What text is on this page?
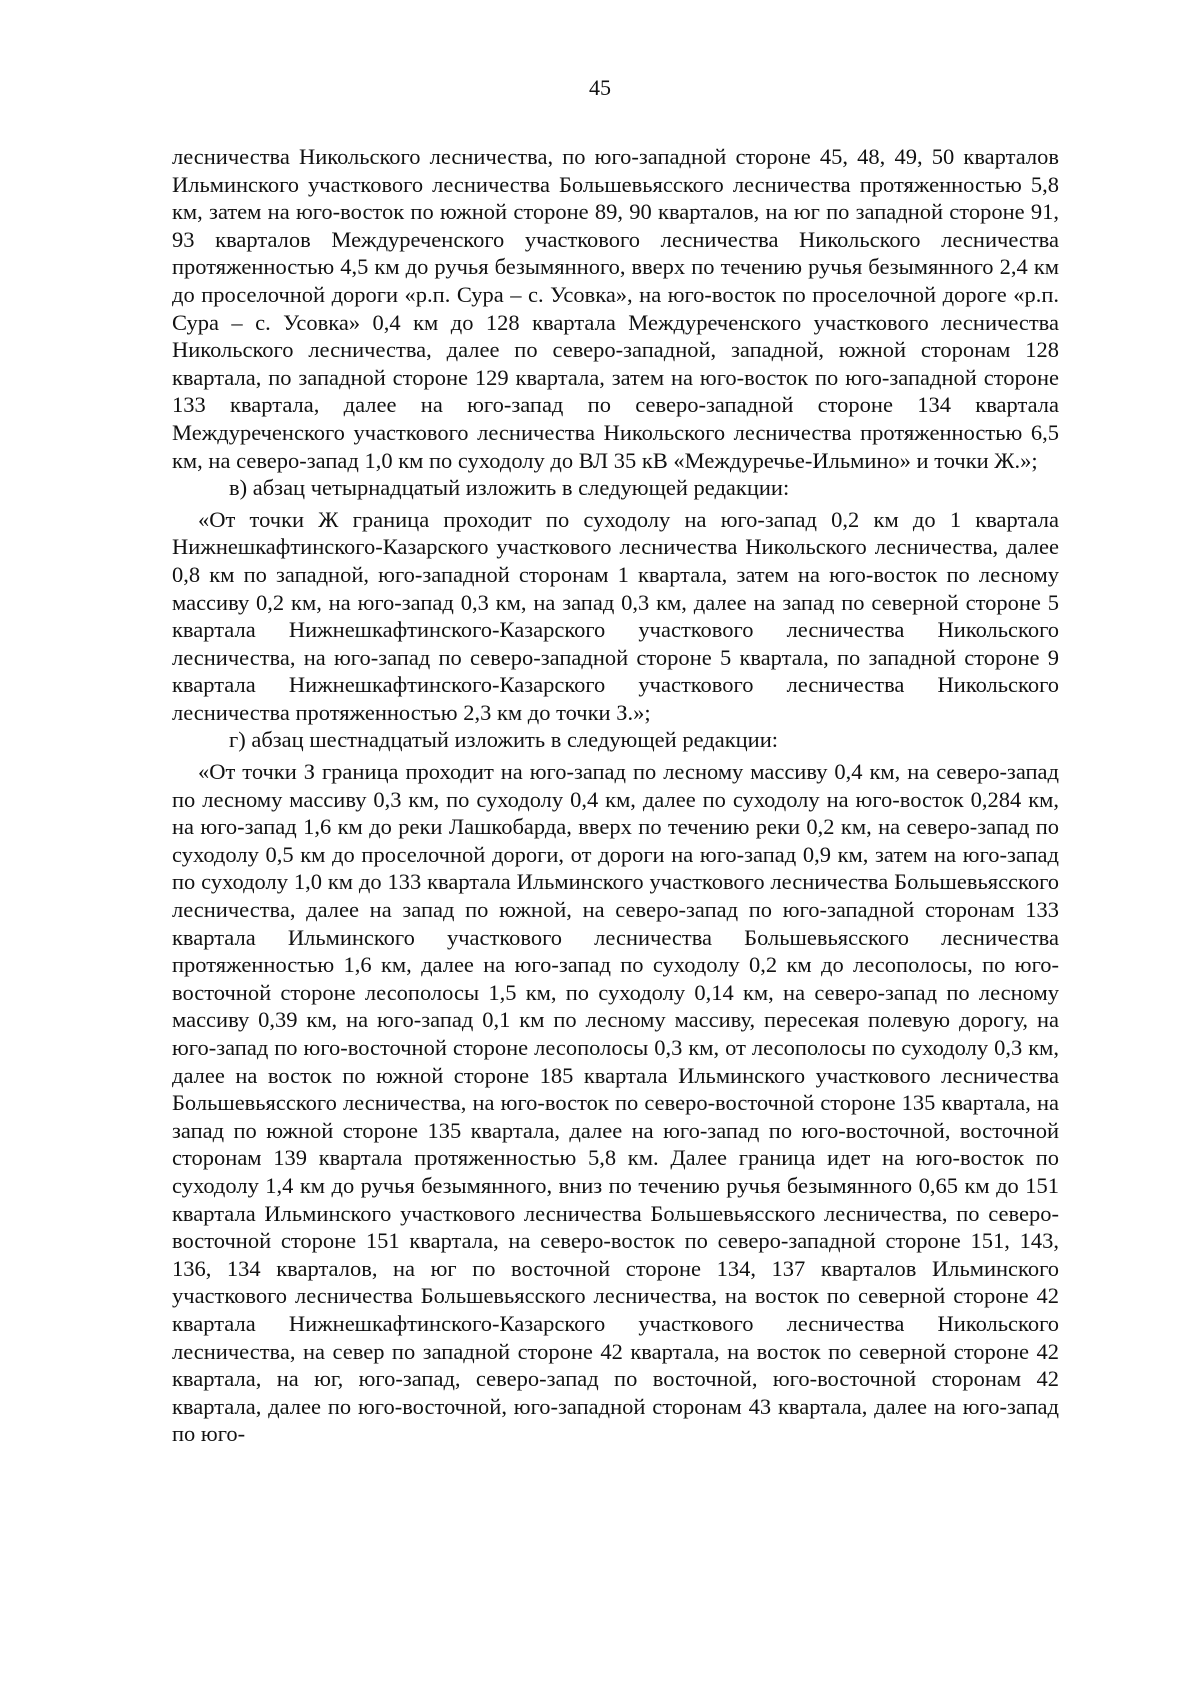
45

лесничества Никольского лесничества, по юго-западной стороне 45, 48, 49, 50 кварталов Ильминского участкового лесничества Большевьясского лесничества протяженностью 5,8 км, затем на юго-восток по южной стороне 89, 90 кварталов, на юг по западной стороне 91, 93 кварталов Междуреченского участкового лесничества Никольского лесничества протяженностью 4,5 км до ручья безымянного, вверх по течению ручья безымянного 2,4 км до проселочной дороги «р.п. Сура – с. Усовка», на юго-восток по проселочной дороге «р.п. Сура – с. Усовка» 0,4 км до 128 квартала Междуреченского участкового лесничества Никольского лесничества, далее по северо-западной, западной, южной сторонам 128 квартала, по западной стороне 129 квартала, затем на юго-восток по юго-западной стороне 133 квартала, далее на юго-запад по северо-западной стороне 134 квартала Междуреченского участкового лесничества Никольского лесничества протяженностью 6,5 км, на северо-запад 1,0 км по суходолу до ВЛ 35 кВ «Междуречье-Ильмино» и точки Ж.»;

в) абзац четырнадцатый изложить в следующей редакции:

«От точки Ж граница проходит по суходолу на юго-запад 0,2 км до 1 квартала Нижнешкафтинского-Казарского участкового лесничества Никольского лесничества, далее 0,8 км по западной, юго-западной сторонам 1 квартала, затем на юго-восток по лесному массиву 0,2 км, на юго-запад 0,3 км, на запад 0,3 км, далее на запад по северной стороне 5 квартала Нижнешкафтинского-Казарского участкового лесничества Никольского лесничества, на юго-запад по северо-западной стороне 5 квартала, по западной стороне 9 квартала Нижнешкафтинского-Казарского участкового лесничества Никольского лесничества протяженностью 2,3 км до точки З.»;

г) абзац шестнадцатый изложить в следующей редакции:

«От точки З граница проходит на юго-запад по лесному массиву 0,4 км, на северо-запад по лесному массиву 0,3 км, по суходолу 0,4 км, далее по суходолу на юго-восток 0,284 км, на юго-запад 1,6 км до реки Лашкобарда, вверх по течению реки 0,2 км, на северо-запад по суходолу 0,5 км до проселочной дороги, от дороги на юго-запад 0,9 км, затем на юго-запад по суходолу 1,0 км до 133 квартала Ильминского участкового лесничества Большевьясского лесничества, далее на запад по южной, на северо-запад по юго-западной сторонам 133 квартала Ильминского участкового лесничества Большевьясского лесничества протяженностью 1,6 км, далее на юго-запад по суходолу 0,2 км до лесополосы, по юго-восточной стороне лесополосы 1,5 км, по суходолу 0,14 км, на северо-запад по лесному массиву 0,39 км, на юго-запад 0,1 км по лесному массиву, пересекая полевую дорогу, на юго-запад по юго-восточной стороне лесополосы 0,3 км, от лесополосы по суходолу 0,3 км, далее на восток по южной стороне 185 квартала Ильминского участкового лесничества Большевьясского лесничества, на юго-восток по северо-восточной стороне 135 квартала, на запад по южной стороне 135 квартала, далее на юго-запад по юго-восточной, восточной сторонам 139 квартала протяженностью 5,8 км. Далее граница идет на юго-восток по суходолу 1,4 км до ручья безымянного, вниз по течению ручья безымянного 0,65 км до 151 квартала Ильминского участкового лесничества Большевьясского лесничества, по северо-восточной стороне 151 квартала, на северо-восток по северо-западной стороне 151, 143, 136, 134 кварталов, на юг по восточной стороне 134, 137 кварталов Ильминского участкового лесничества Большевьясского лесничества, на восток по северной стороне 42 квартала Нижнешкафтинского-Казарского участкового лесничества Никольского лесничества, на север по западной стороне 42 квартала, на восток по северной стороне 42 квартала, на юг, юго-запад, северо-запад по восточной, юго-восточной сторонам 42 квартала, далее по юго-восточной, юго-западной сторонам 43 квартала, далее на юго-запад по юго-
